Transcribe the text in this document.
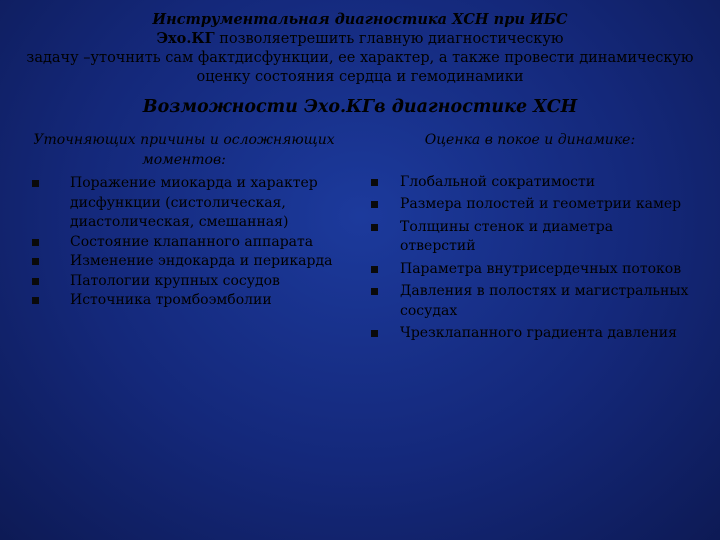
Инструментальная диагностика ХСН при ИБС
Эхо.КГ позволяетрешить главную диагностическую
задачу –уточнить сам фактдисфункции, ее характер, а также провести динамическую
оценку состояния сердца и гемодинамики
Возможности Эхо.КГв диагностике ХСН
Уточняющих причины и осложняющих моментов:
Поражение миокарда и характер дисфункции (систолическая, диастолическая, смешанная)
Состояние клапанного аппарата
Изменение эндокарда и перикарда
Патологии крупных сосудов
Источника тромбоэмболии
Оценка в покое и динамике:
Глобальной сократимости
Размера полостей и геометрии камер
Толщины стенок и диаметра отверстий
Параметра внутрисердечных потоков
Давления в полостях и магистральных сосудах
Чрезклапанного градиента давления
